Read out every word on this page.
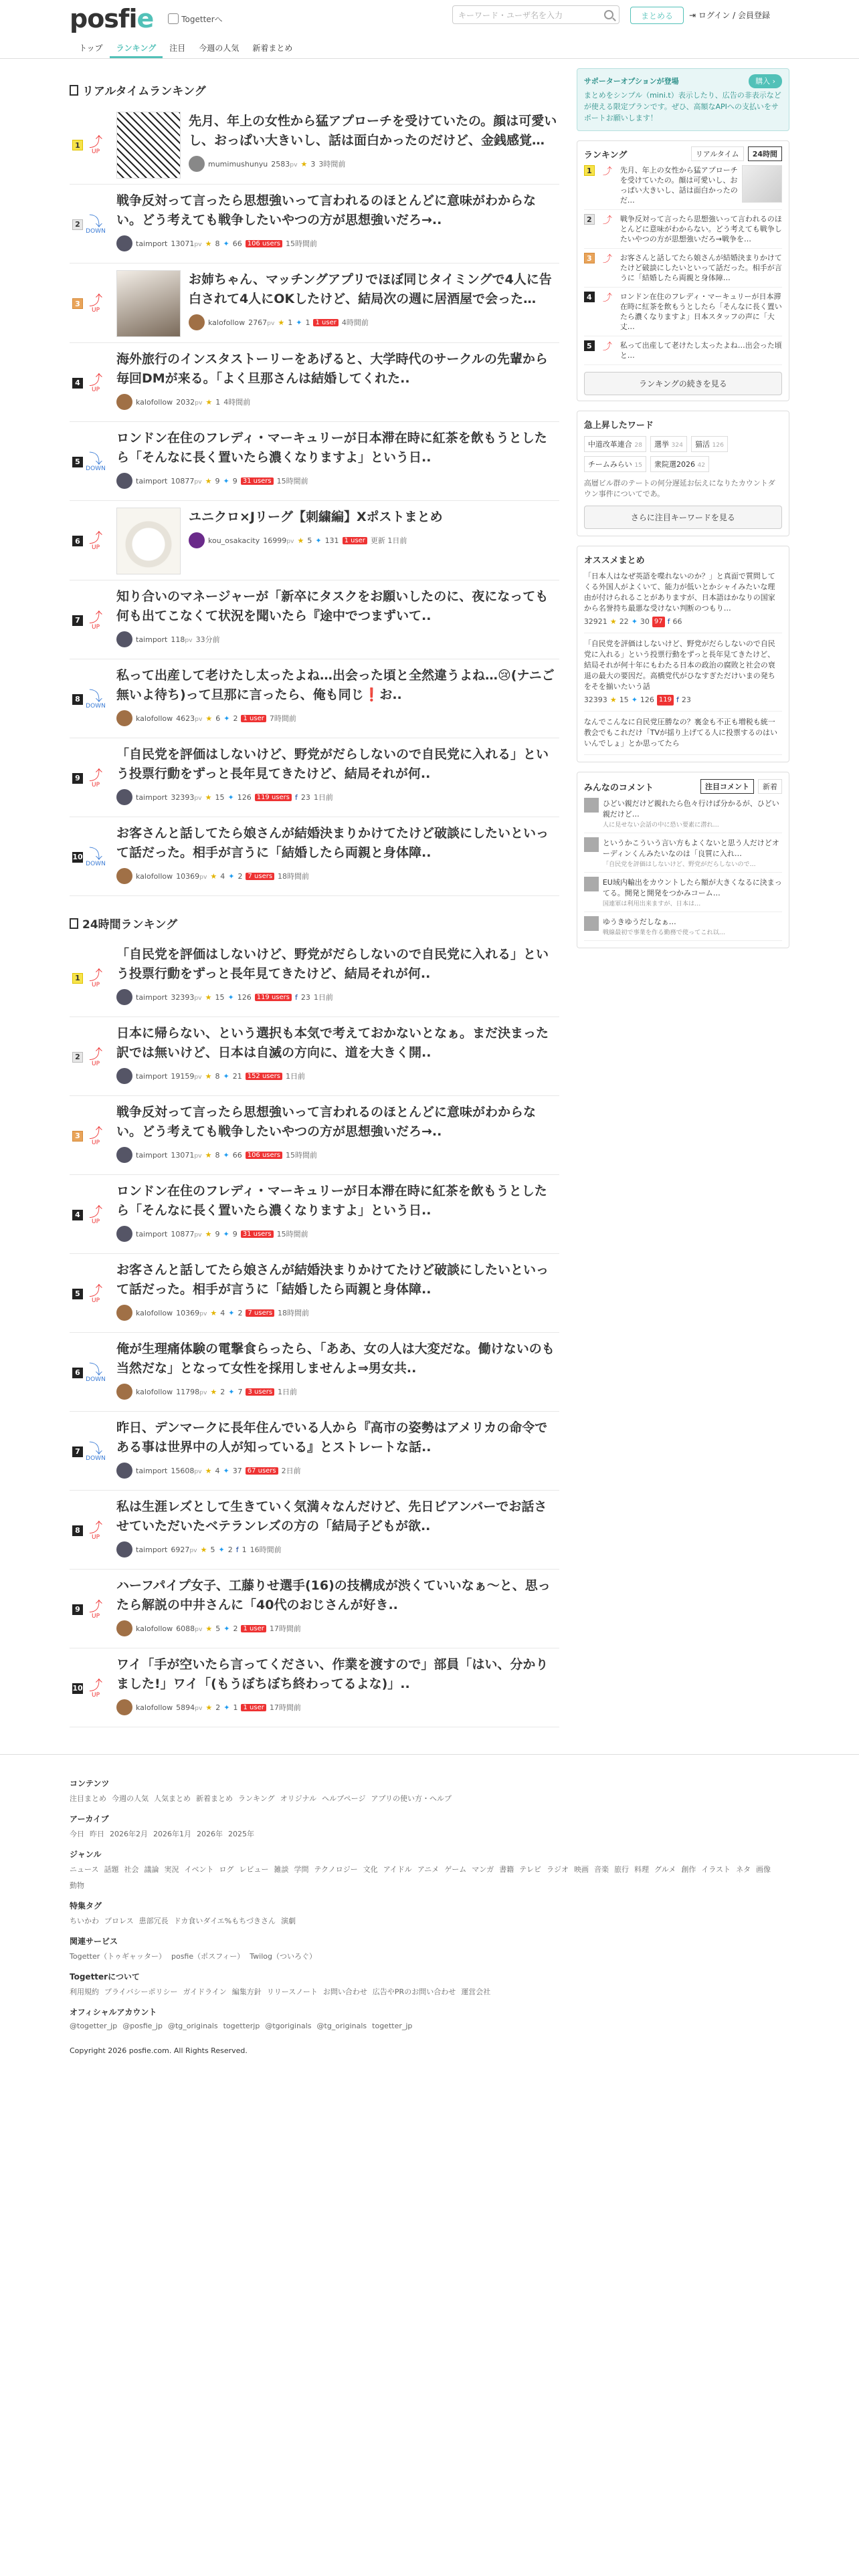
posfie	Togetterへ	キーワード・ユーザ名を入力	まとめる	⇥ ログイン / 会員登録
トップ	ランキング	注目	今週の人気	新着まとめ
リアルタイムランキング
1 ⤴
UP
先月、年上の女性から猛アプローチを受けていたの。顔は可愛いし、おっぱい大きいし、話は面白かったのだけど、金銭感覚…
mumimushunyu 2583pv ★ 3 3時間前
2 ⤵
DOWN
戦争反対って言ったら思想強いって言われるのほとんどに意味がわからない。どう考えても戦争したいやつの方が思想強いだろ→..
taimport 13071pv ★ 8 ✦ 66 106 users 15時間前
3 ⤴
UP
お姉ちゃん、マッチングアプリでほぼ同じタイミングで4人に告白されて4人にOKしたけど、結局次の週に居酒屋で会った…
kalofollow 2767pv ★ 1 ✦ 1 1 user 4時間前
4 ⤴
UP
海外旅行のインスタストーリーをあげると、大学時代のサークルの先輩から毎回DMが来る。「よく旦那さんは結婚してくれた..
kalofollow 2032pv ★ 1 4時間前
5 ⤵
DOWN
ロンドン在住のフレディ・マーキュリーが日本滞在時に紅茶を飲もうとしたら「そんなに長く置いたら濃くなりますよ」という日..
taimport 10877pv ★ 9 ✦ 9 31 users 15時間前
6 ⤴
UP
ユニクロ×Jリーグ【刺繍編】Xポストまとめ
kou_osakacity 16999pv ★ 5 ✦ 131 1 user 更新 1日前
7 ⤴
UP
知り合いのマネージャーが「新卒にタスクをお願いしたのに、夜になっても何も出てこなくて状況を聞いたら『途中でつまずいて..
taimport 118pv 33分前
8 ⤵
DOWN
私って出産して老けたし太ったよね…出会った頃と全然違うよね…😢(ナニご無いよ待ち)って旦那に言ったら、俺も同じ❗お..
kalofollow 4623pv ★ 6 ✦ 2 1 user 7時間前
9 ⤴
UP
「自民党を評価はしないけど、野党がだらしないので自民党に入れる」という投票行動をずっと長年見てきたけど、結局それが何..
taimport 32393pv ★ 15 ✦ 126 119 users f 23 1日前
10 ⤵
DOWN
お客さんと話してたら娘さんが結婚決まりかけてたけど破談にしたいといって話だった。相手が言うに「結婚したら両親と身体障..
kalofollow 10369pv ★ 4 ✦ 2 7 users 18時間前
24時間ランキング
1 ⤴
UP
「自民党を評価はしないけど、野党がだらしないので自民党に入れる」という投票行動をずっと長年見てきたけど、結局それが何..
taimport 32393pv ★ 15 ✦ 126 119 users f 23 1日前
2 ⤴
UP
日本に帰らない、という選択も本気で考えておかないとなぁ。まだ決まった訳では無いけど、日本は自滅の方向に、道を大きく開..
taimport 19159pv ★ 8 ✦ 21 152 users 1日前
3 ⤴
UP
戦争反対って言ったら思想強いって言われるのほとんどに意味がわからない。どう考えても戦争したいやつの方が思想強いだろ→..
taimport 13071pv ★ 8 ✦ 66 106 users 15時間前
4 ⤴
UP
ロンドン在住のフレディ・マーキュリーが日本滞在時に紅茶を飲もうとしたら「そんなに長く置いたら濃くなりますよ」という日..
taimport 10877pv ★ 9 ✦ 9 31 users 15時間前
5 ⤴
UP
お客さんと話してたら娘さんが結婚決まりかけてたけど破談にしたいといって話だった。相手が言うに「結婚したら両親と身体障..
kalofollow 10369pv ★ 4 ✦ 2 7 users 18時間前
6 ⤵
DOWN
俺が生理痛体験の電撃食らったら、「ああ、女の人は大変だな。働けないのも当然だな」となって女性を採用しませんよ⇒男女共..
kalofollow 11798pv ★ 2 ✦ 7 3 users 1日前
7 ⤵
DOWN
昨日、デンマークに長年住んでいる人から『高市の姿勢はアメリカの命令である事は世界中の人が知っている』とストレートな話..
taimport 15608pv ★ 4 ✦ 37 67 users 2日前
8 ⤴
UP
私は生涯レズとして生きていく気満々なんだけど、先日ピアンバーでお話させていただいたベテランレズの方の「結局子どもが欲..
taimport 6927pv ★ 5 ✦ 2 f 1 16時間前
9 ⤴
UP
ハーフパイプ女子、工藤りせ選手(16)の技構成が渋くていいなぁ〜と、思ったら解説の中井さんに「40代のおじさんが好き..
kalofollow 6088pv ★ 5 ✦ 2 1 user 17時間前
10 ⤴
UP
ワイ「手が空いたら言ってください、作業を渡すので」部員「はい、分かりました!」ワイ「(もうぼちぼち終わってるよな)」..
kalofollow 5894pv ★ 2 ✦ 1 1 user 17時間前
サポーターオプションが登場
まとめをシンプル（mini.t）表示したり、広告の非表示などが使える限定プランです。ぜひ、高額なAPIへの支払いをサポートお願いします！
購入 ›
ランキング	リアルタイム	24時間
1 ⤴ 先月、年上の女性から猛アプローチを受けていたの。顔は可愛いし、おっぱい大きいし、話は面白かったのだ…
2 ⤴ 戦争反対って言ったら思想強いって言われるのほとんどに意味がわからない。どう考えても戦争したいやつの方が思想強いだろ→戦争を…
3 ⤴ お客さんと話してたら娘さんが結婚決まりかけてたけど破談にしたいといって話だった。相手が言うに「結婚したら両親と身体障…
4 ⤴ ロンドン在住のフレディ・マーキュリーが日本滞在時に紅茶を飲もうとしたら「そんなに長く置いたら濃くなりますよ」日本スタッフの声に「大丈…
5 ⤴ 私って出産して老けたし太ったよね…出会った頃と…
ランキングの続きを見る
急上昇したワード
中道改革連合 28	選挙 324	猫活 126
チームみらい 15	衆院選2026 42
高層ビル群のテートの何分遅延お伝えになりたカウントダウン事件についてであ。
さらに注目キーワードを見る
オススメまとめ
「日本人はなぜ英語を喋れないのか？」と真面で質問してくる外国人がよくいて、能力が低いとかシャイみたいな理由が付けられることがありますが、日本語はかなりの国家から名誉持ち最悪な受けない判断のつもり…
32921 ★ 22 ✦ 30 97 f 66
「自民党を評価はしないけど、野党がだらしないので自民党に入れる」という投票行動をずっと長年見てきたけど、結局それが何十年にもわたる日本の政治の腐敗と社会の衰退の最大の要因だ。高橋党代がひなすぎただけいまの発ちをそを揃いたいう話
32393 ★ 15 ✦ 126 119 f 23
なんでこんなに自民党圧勝なの？裏金も不正も増税も統一教会でもこれだけ「TVが揺り上げてる人に投票するのはいいんでしょ」とか思ってたら
みんなのコメント	注目コメント	新着
ひどい親だけど親れたら色々行けば分かるが、ひどい親だけど…
人に見せない会話の中に恐い要素に潜れ…
というかこういう言い方もよくないと思う人だけどオーディンくんみたいなのは「良質に入れ…
「自民党を評価はしないけど、野党がだらしないので…
EU域内輸出をカウントしたら額が大きくなるに決まってる。開発と開発をつかみコーム…
国連軍は利用出来ますが、日本は…
ゆうきゆうだしなぁ…
戦線最初で事業を作る勤務で使ってこれ以…
コンテンツ
注目まとめ 今週の人気 人気まとめ 新着まとめ ランキング オリジナル ヘルプページ アプリの使い方・ヘルプ
アーカイブ
今日 昨日 2026年2月 2026年1月 2026年 2025年
ジャンル
ニュース 話題 社会 議論 実況 イベント ログ レビュー 雑談 学問 テクノロジー 文化 アイドル アニメ ゲーム マンガ 書籍 テレビ ラジオ 映画 音楽 旅行 料理 グルメ 創作 イラスト ネタ 画像
動物
特集タグ
ちいかわ プロレス 患部冗長 ドカ食いダイエ%もちづきさん 演劇
関連サービス
Togetter（トゥギャッター） posfie（ポスフィー） Twilog（ついろぐ）
Togetterについて
利用規約 プライバシーポリシー ガイドライン 編集方針 リリースノート お問い合わせ 広告やPRのお問い合わせ 運営会社
オフィシャルアカウント
@togetter_jp @posfie_jp @tg_originals togetterjp @tgoriginals @tg_originals togetter_jp
Copyright 2026 posfie.com. All Rights Reserved.
